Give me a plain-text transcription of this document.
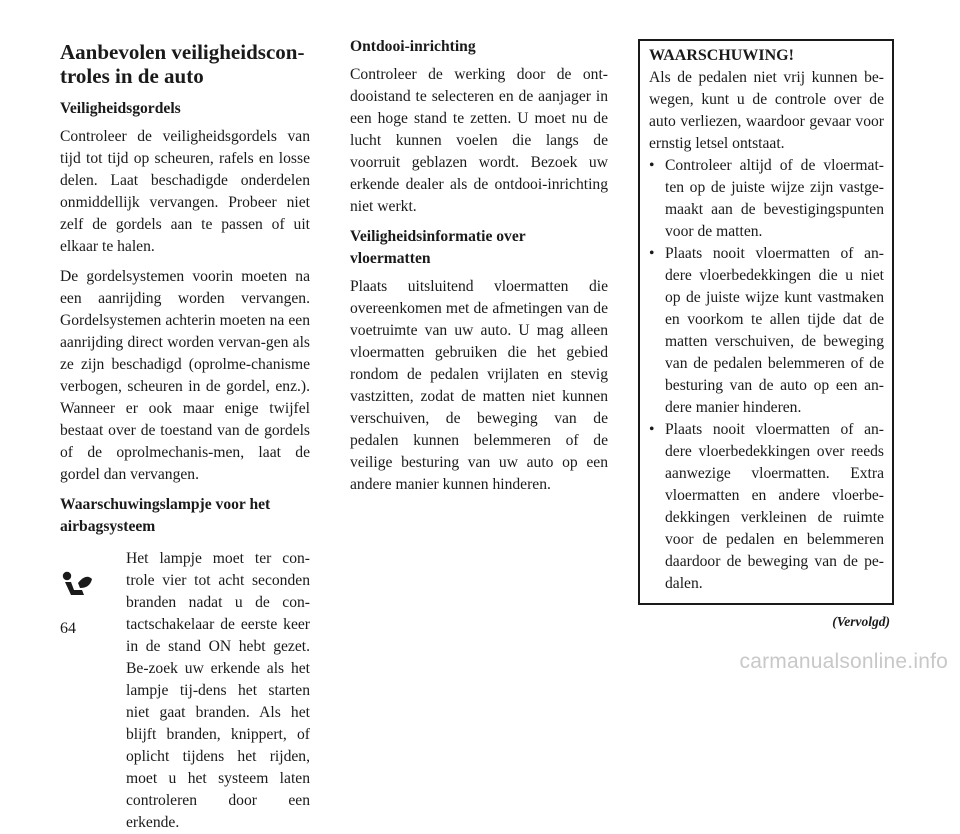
Aanbevolen veiligheidscon-troles in de auto
Veiligheidsgordels

Controleer de veiligheidsgordels van tijd tot tijd op scheuren, rafels en losse delen. Laat beschadigde onderdelen onmiddellijk vervangen. Probeer niet zelf de gordels aan te passen of uit elkaar te halen.

De gordelsystemen voorin moeten na een aanrijding worden vervangen. Gordelsystemen achterin moeten na een aanrijding direct worden vervan-gen als ze zijn beschadigd (oprolme-chanisme verbogen, scheuren in de gordel, enz.). Wanneer er ook maar enige twijfel bestaat over de toestand van de gordels of de oprolmechanis-men, laat de gordel dan vervangen.

Waarschuwingslampje voor het airbagsysteem

Het lampje moet ter con-trole vier tot acht seconden branden nadat u de con-tactschakelaar de eerste keer in de stand ON hebt gezet. Be-zoek uw erkende als het lampje tij-dens het starten niet gaat branden. Als het blijft branden, knippert, of oplicht tijdens het rijden, moet u het systeem laten controleren door een erkende.

Ontdooi-inrichting

Controleer de werking door de ont-dooistand te selecteren en de aanjager in een hoge stand te zetten. U moet nu de lucht kunnen voelen die langs de voorruit geblazen wordt. Bezoek uw erkende dealer als de ontdooi-inrichting niet werkt.

Veiligheidsinformatie over vloermatten

Plaats uitsluitend vloermatten die overeenkomen met de afmetingen van de voetruimte van uw auto. U mag alleen vloermatten gebruiken die het gebied rondom de pedalen vrijlaten en stevig vastzitten, zodat de matten niet kunnen verschuiven, de beweging van de pedalen kunnen belemmeren of de veilige besturing van uw auto op een andere manier kunnen hinderen.

WAARSCHUWING!

Als de pedalen niet vrij kunnen be-wegen, kunt u de controle over de auto verliezen, waardoor gevaar voor ernstig letsel ontstaat.

• Controleer altijd of de vloermat-ten op de juiste wijze zijn vastge-maakt aan de bevestigingspunten voor de matten.
• Plaats nooit vloermatten of an-dere vloerbedekkingen die u niet op de juiste wijze kunt vastmaken en voorkom te allen tijde dat de matten verschuiven, de beweging van de pedalen belemmeren of de besturing van de auto op een an-dere manier hinderen.
• Plaats nooit vloermatten of an-dere vloerbedekkingen over reeds aanwezige vloermatten. Extra vloermatten en andere vloerbe-dekkingen verkleinen de ruimte voor de pedalen en belemmeren daardoor de beweging van de pe-dalen.
(Vervolgd)
64
carmanualsonline.info
